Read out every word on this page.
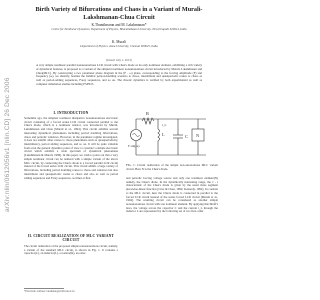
arXiv:nlin/0612056v1 [nlin.CD] 26 Dec 2006
Birth Variety of Bifurcations and Chaos in a Variant of Murali-Lakshmanan-Chua Circuit
K.Thamilmaran and M. Lakshmanan*
Centre for Nonlinear Dynamics, Department of Physics, Bharathidasan University, Tiruchirapalli 620024, India
K. Murali
Department of Physics, Anna University, Chennai 600025, India
(Dated: July 1, 2013)
A very simple nonlinear parallel nonautonomous LCR circuit with Chua's diode as its only nonlinear element, exhibiting a rich variety of dynamical features, is proposed as a variant of the simplest nonlinear nonautonomous circuit introduced by Murali, Lakshmanan and Chua(MLC). By constructing a two parameter phase diagram in the (F - ω) plane, corresponding to the forcing amplitude (F) and frequency (ω), we identify, besides the familiar period-doubling scenario to chaos, intermittent and quasiperiodic routes to chaos as well as period-adding sequences, Farey sequences, and so on. The chaotic dynamics is verified by both experimental as well as computer simulation studies including PSPICE.
I. INTRODUCTION
Sometime ago, the simplest nonlinear dissipative nonautonomous electronic circuit consisting of a forced series LCR circuit connected parallel to the Chua's diode, which is a nonlinear resistor, was introduced by Murali, Lakshmanan and Chua [Murali et al., 1994]. This circuit exhibits several interesting dynamical phenomena including period doubling bifurcations, chaos and periodic windows. However, in the parameter regime investigated, it does not exhibit other routes to chaos phenomena such as quasiperiodicity, intermittency, period adding sequences, and so on. It will be quite valuable from even the general dynamics point of view to construct a simple electronic circuit which exhibits a wide spectrum of dynamical phenomena [Lakshmanan & Murali, 1996]. In this paper, we wish to point out that a very simple nonlinear circuit can be realized with a simple variant of the above MLC circuit, by connecting the Chua's diode to a forced parallel LCR circuit instead of the forced series LCR circuit. This circuit admits a large variety of bifurcations, including period doubling routes to chaos and windows but also intermittent and quasiperiodic routes to chaos and also as well as period adding sequences and Farey sequences, as times at first.
II. CIRCUIT REALIZATION OF MLC VARIANT CIRCUIT
The circuit realization of the proposed simple nonautonomous circuit, namely, a variant of the standard MLC circuit, is shown in Fig. 1. It contains a capacitor(C), an inductor(L), a resistor(R), an exter-
*Electronic address: lakshman@cnld.bdu.ac.in
R
L	C N
i_L
F sin(ωt)
FIG. 1: Circuit realization of the simple non-autonomous MLC variant circuit. Here N is the Chua's diode.
and periodic forcing voltage source and only one nonlinear element(N) namely, the Chua's diode. In the dynamically interesting range, the v - i characteristic of the Chua's diode is given by the usual three segment piecewise-linear function [Cruz & Chua, 1992; Kennedy, 1992]. In contrast to the MLC circuit, here the Chua's diode is connected in parallel to the forced LCR circuit instead of the series forced LCR circuit [Murali et al., 1994]. The resulting circuit can be considered as another simple nonautonomous circuit with one nonlinear element. By applying Kirchhoff's laws, the voltage across the capacitor C and the current i_L through the inductor L are represented by the following set of two first-order
